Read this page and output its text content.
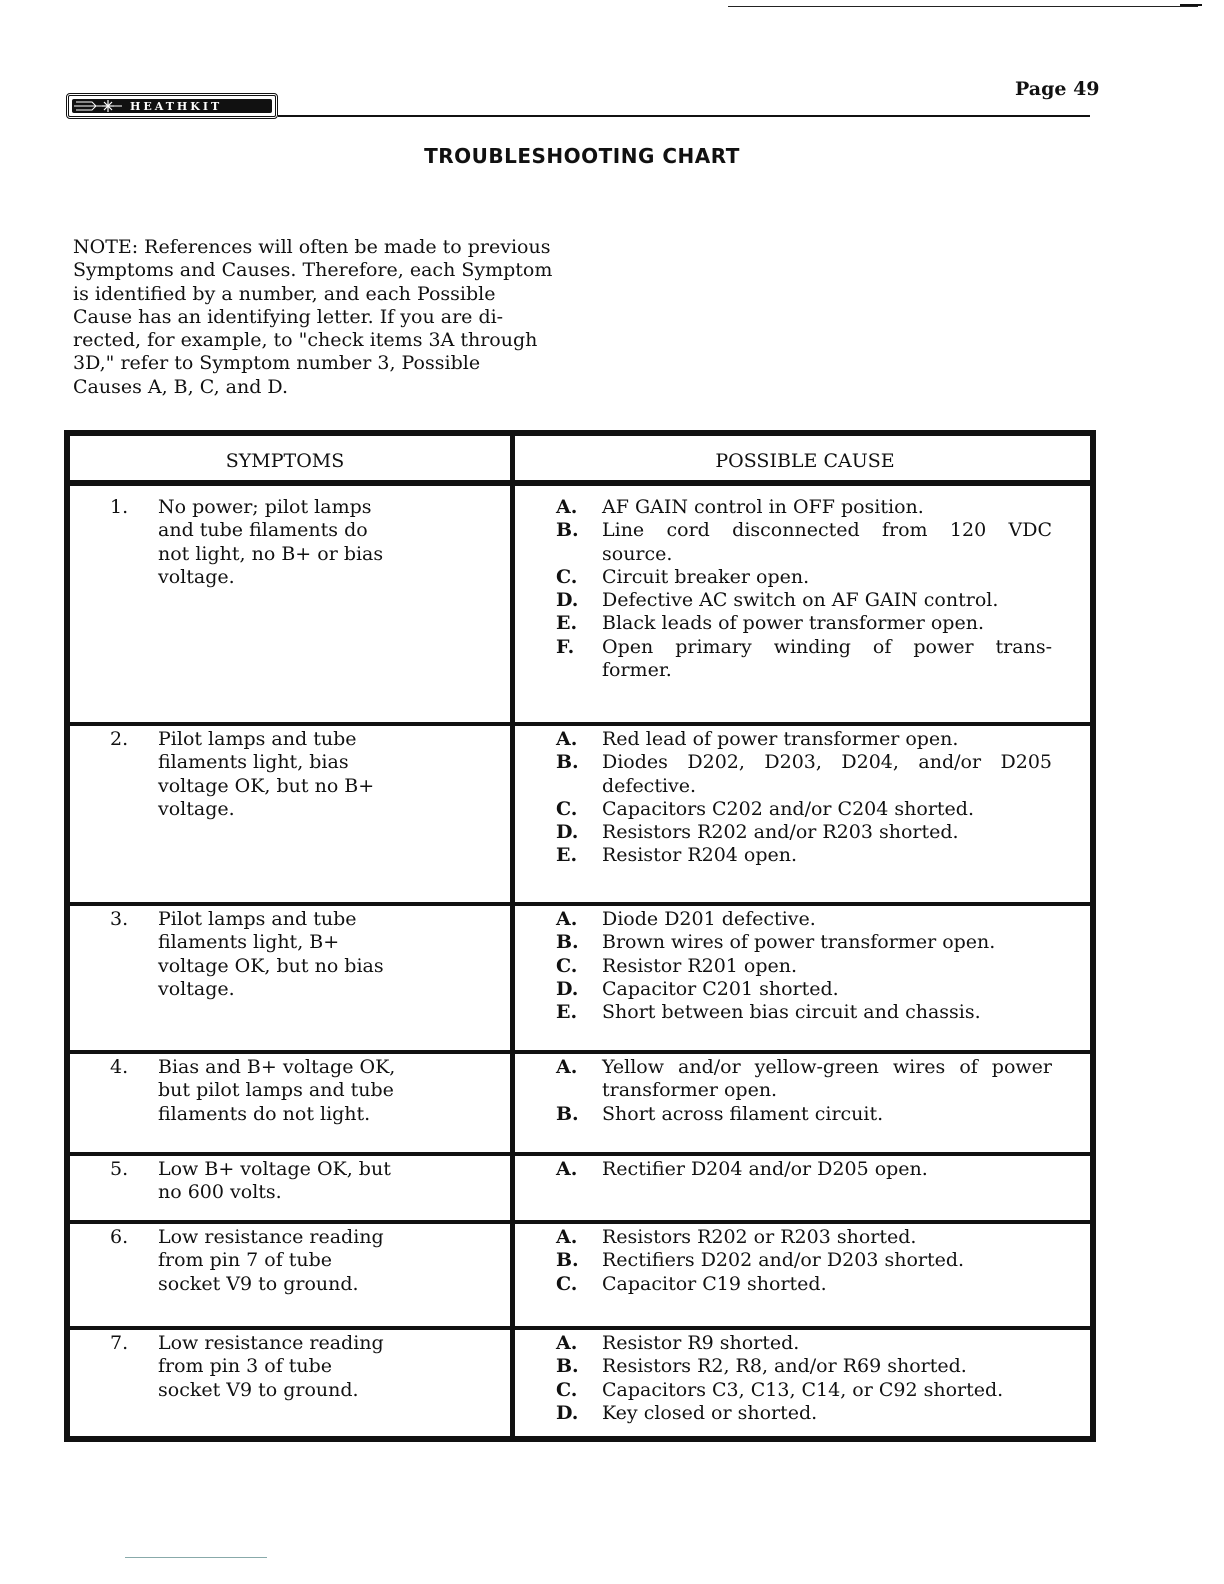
HEATHKIT
Page 49
TROUBLESHOOTING CHART
NOTE: References will often be made to previous
Symptoms and Causes. Therefore, each Symptom
is identified by a number, and each Possible
Cause has an identifying letter. If you are di-
rected, for example, to "check items 3A through
3D," refer to Symptom number 3, Possible
Causes A, B, C, and D.
SYMPTOMS	POSSIBLE CAUSE
1. No power; pilot lamps
and tube filaments do
not light, no B+ or bias
voltage.
A. AF GAIN control in OFF position.
B. Line cord disconnected from 120 VDC
source.
C. Circuit breaker open.
D. Defective AC switch on AF GAIN control.
E. Black leads of power transformer open.
F. Open primary winding of power trans-
former.
2. Pilot lamps and tube
filaments light, bias
voltage OK, but no B+
voltage.
A. Red lead of power transformer open.
B. Diodes D202, D203, D204, and/or D205
defective.
C. Capacitors C202 and/or C204 shorted.
D. Resistors R202 and/or R203 shorted.
E. Resistor R204 open.
3. Pilot lamps and tube
filaments light, B+
voltage OK, but no bias
voltage.
A. Diode D201 defective.
B. Brown wires of power transformer open.
C. Resistor R201 open.
D. Capacitor C201 shorted.
E. Short between bias circuit and chassis.
4. Bias and B+ voltage OK,
but pilot lamps and tube
filaments do not light.
A. Yellow and/or yellow-green wires of power
transformer open.
B. Short across filament circuit.
5. Low B+ voltage OK, but
no 600 volts.
A. Rectifier D204 and/or D205 open.
6. Low resistance reading
from pin 7 of tube
socket V9 to ground.
A. Resistors R202 or R203 shorted.
B. Rectifiers D202 and/or D203 shorted.
C. Capacitor C19 shorted.
7. Low resistance reading
from pin 3 of tube
socket V9 to ground.
A. Resistor R9 shorted.
B. Resistors R2, R8, and/or R69 shorted.
C. Capacitors C3, C13, C14, or C92 shorted.
D. Key closed or shorted.
